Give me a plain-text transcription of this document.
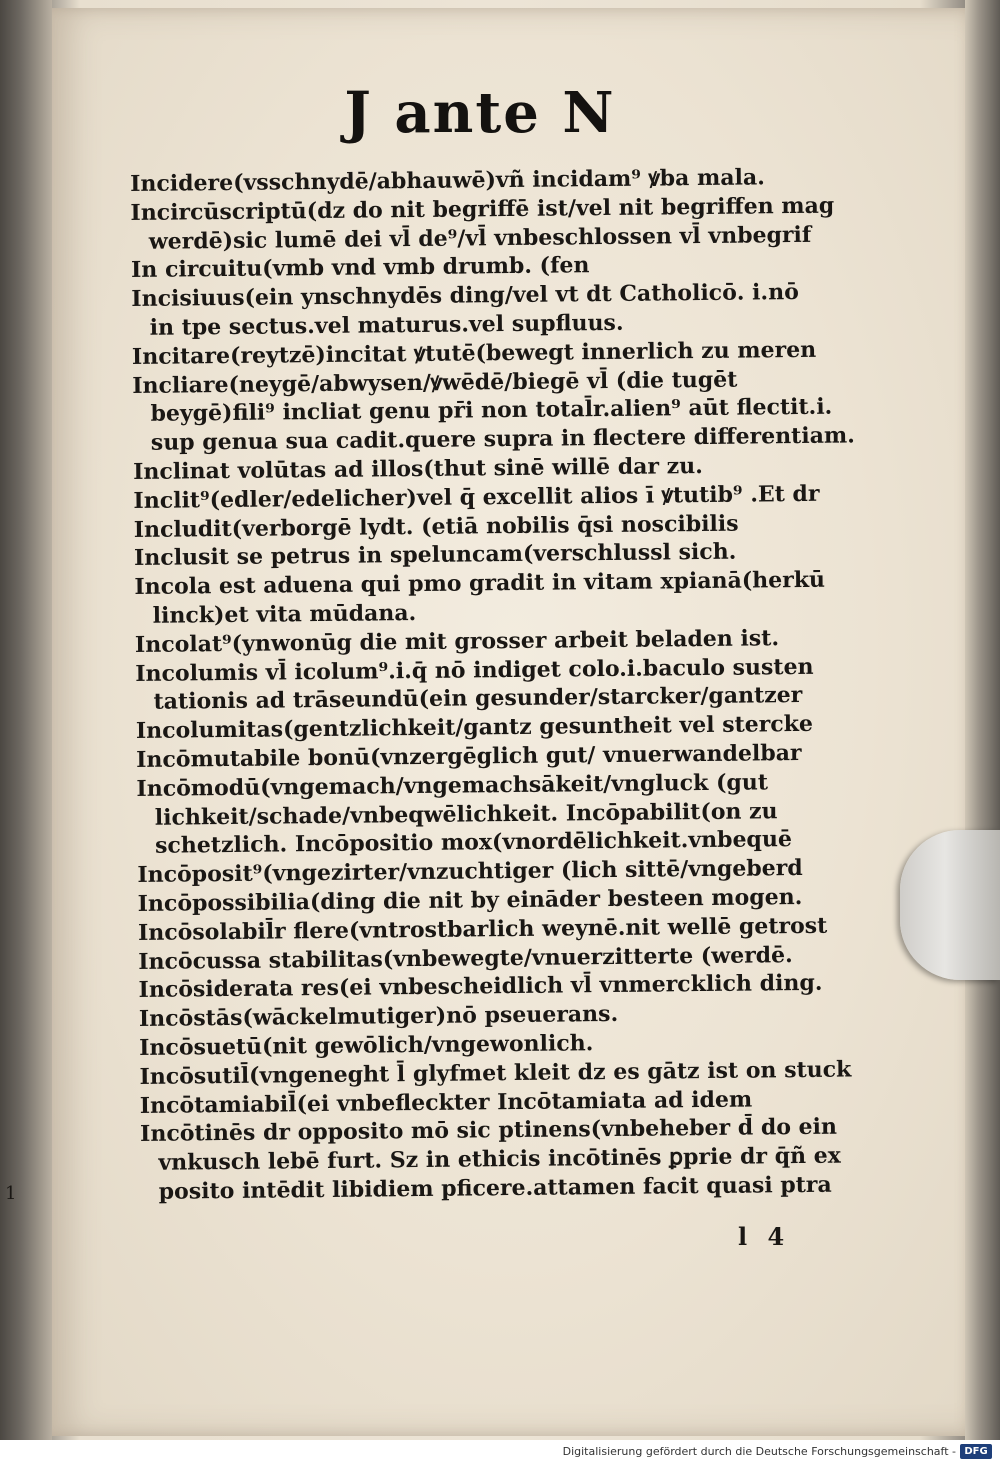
J ante N
Incidere(vsschnydē/abhauwē)vñ incidam⁹ ꝟba mala.
Incircūscriptū(dz do nit begriffē ist/vel nit begriffen mag
werdē)sic lumē dei vl̄ de⁹/vl̄ vnbeschlossen vl̄ vnbegrif
In circuitu(vmb vnd vmb drumb. (fen
Incisiuus(ein ynschnydēs ding/vel vt dt Catholicō. i.nō
in tpe sectus.vel maturus.vel supfluus.
Incitare(reytzē)incitat ꝟtutē(bewegt innerlich zu meren
Incliare(neygē/abwysen/ꝟwēdē/biegē vl̄ (die tugēt
beygē)fili⁹ incliat genu pr̄i non total̄r.alien⁹ aūt flectit.i.
sup genua sua cadit.quere supra in flectere differentiam.
Inclinat volūtas ad illos(thut sinē willē dar zu.
Inclit⁹(edler/edelicher)vel q̄ excellit alios ī ꝟtutib⁹ .Et dr
Includit(verborgē lydt. (etiā nobilis q̄si noscibilis
Inclusit se petrus in speluncam(verschlussl sich.
Incola est aduena qui pmo gradit in vitam xpianā(herkū
linck)et vita mūdana.
Incolat⁹(ynwonūg die mit grosser arbeit beladen ist.
Incolumis vl̄ icolum⁹.i.q̄ nō indiget colo.i.baculo susten
tationis ad trāseundū(ein gesunder/starcker/gantzer
Incolumitas(gentzlichkeit/gantz gesuntheit vel stercke
Incōmutabile bonū(vnzergēglich gut/ vnuerwandelbar
Incōmodū(vngemach/vngemachsākeit/vngluck (gut
lichkeit/schade/vnbeqwēlichkeit. Incōpabilit(on zu
schetzlich. Incōpositio mox(vnordēlichkeit.vnbequē
Incōposit⁹(vngezirter/vnzuchtiger (lich sittē/vngeberd
Incōpossibilia(ding die nit by eināder besteen mogen.
Incōsolabil̄r flere(vntrostbarlich weynē.nit wellē getrost
Incōcussa stabilitas(vnbewegte/vnuerzitterte (werdē.
Incōsiderata res(ei vnbescheidlich vl̄ vnmercklich ding.
Incōstās(wāckelmutiger)nō pseuerans.
Incōsuetū(nit gewōlich/vngewonlich.
Incōsutil̄(vngeneght l̄ glyfmet kleit dz es gātz ist on stuck
Incōtamiabil̄(ei vnbefleckter Incōtamiata ad idem
Incōtinēs dr opposito mō sic ptinens(vnbeheber d̄ do ein
vnkusch lebē furt. Sz in ethicis incōtinēs ꝑprie dr q̄ñ ex
posito intēdit libidiem pficere.attamen facit quasi ptra
l 4
1
Digitalisierung gefördert durch die Deutsche Forschungsgemeinschaft - DFG
